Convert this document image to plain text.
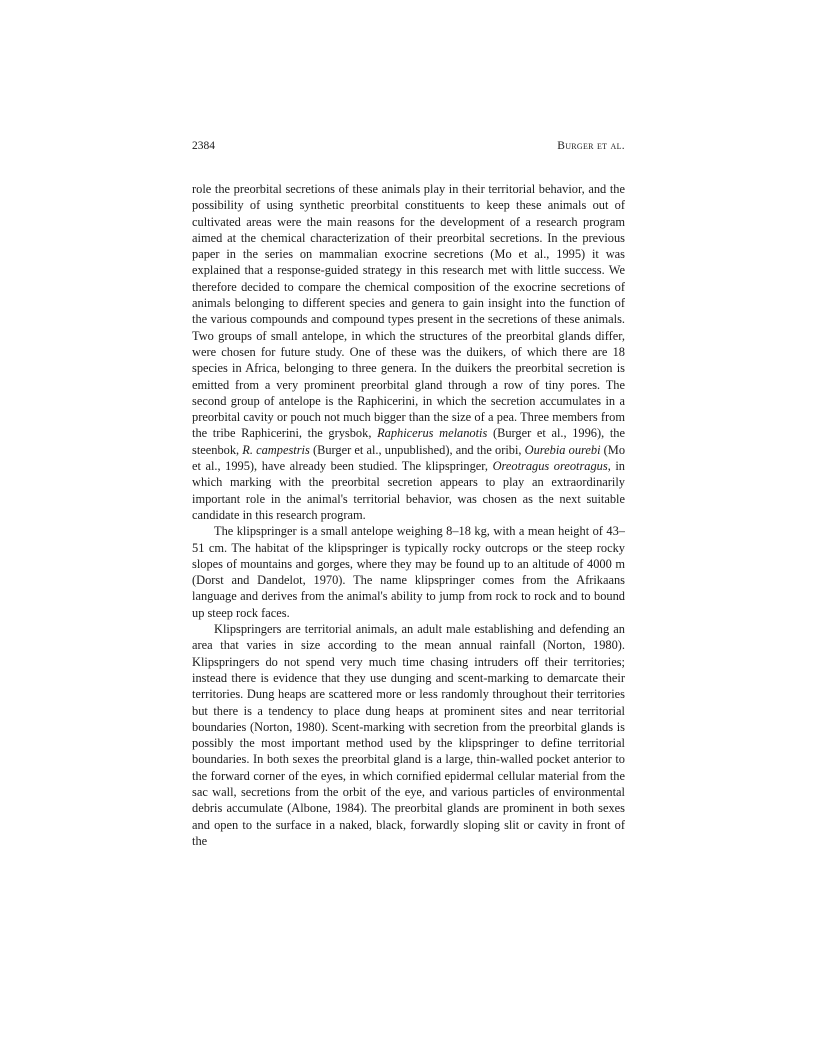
2384	Burger et al.

role the preorbital secretions of these animals play in their territorial behavior, and the possibility of using synthetic preorbital constituents to keep these animals out of cultivated areas were the main reasons for the development of a research program aimed at the chemical characterization of their preorbital secretions. In the previous paper in the series on mammalian exocrine secretions (Mo et al., 1995) it was explained that a response-guided strategy in this research met with little success. We therefore decided to compare the chemical composition of the exocrine secretions of animals belonging to different species and genera to gain insight into the function of the various compounds and compound types present in the secretions of these animals. Two groups of small antelope, in which the structures of the preorbital glands differ, were chosen for future study. One of these was the duikers, of which there are 18 species in Africa, belonging to three genera. In the duikers the preorbital secretion is emitted from a very prominent preorbital gland through a row of tiny pores. The second group of antelope is the Raphicerini, in which the secretion accumulates in a preorbital cavity or pouch not much bigger than the size of a pea. Three members from the tribe Raphicerini, the grysbok, Raphicerus melanotis (Burger et al., 1996), the steenbok, R. campestris (Burger et al., unpublished), and the oribi, Ourebia ourebi (Mo et al., 1995), have already been studied. The klipspringer, Oreotragus oreotragus, in which marking with the preorbital secretion appears to play an extraordinarily important role in the animal's territorial behavior, was chosen as the next suitable candidate in this research program.

The klipspringer is a small antelope weighing 8–18 kg, with a mean height of 43–51 cm. The habitat of the klipspringer is typically rocky outcrops or the steep rocky slopes of mountains and gorges, where they may be found up to an altitude of 4000 m (Dorst and Dandelot, 1970). The name klipspringer comes from the Afrikaans language and derives from the animal's ability to jump from rock to rock and to bound up steep rock faces.

Klipspringers are territorial animals, an adult male establishing and defending an area that varies in size according to the mean annual rainfall (Norton, 1980). Klipspringers do not spend very much time chasing intruders off their territories; instead there is evidence that they use dunging and scent-marking to demarcate their territories. Dung heaps are scattered more or less randomly throughout their territories but there is a tendency to place dung heaps at prominent sites and near territorial boundaries (Norton, 1980). Scent-marking with secretion from the preorbital glands is possibly the most important method used by the klipspringer to define territorial boundaries. In both sexes the preorbital gland is a large, thin-walled pocket anterior to the forward corner of the eyes, in which cornified epidermal cellular material from the sac wall, secretions from the orbit of the eye, and various particles of environmental debris accumulate (Albone, 1984). The preorbital glands are prominent in both sexes and open to the surface in a naked, black, forwardly sloping slit or cavity in front of the
